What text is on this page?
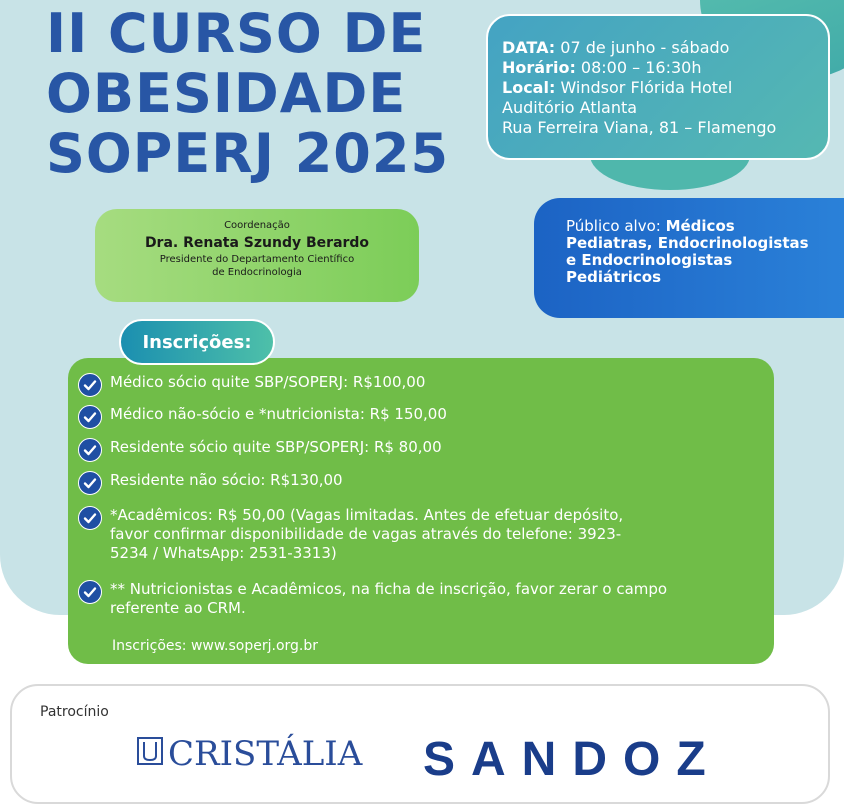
II CURSO DE
OBESIDADE
SOPERJ 2025
DATA: 07 de junho - sábado
Horário: 08:00 – 16:30h
Local: Windsor Flórida Hotel
Auditório Atlanta
Rua Ferreira Viana, 81 – Flamengo
Coordenação
Dra. Renata Szundy Berardo
Presidente do Departamento Científico
de Endocrinologia
Público alvo: Médicos
Pediatras, Endocrinologistas
e Endocrinologistas
Pediátricos
Inscrições:
Médico sócio quite SBP/SOPERJ: R$100,00
Médico não-sócio e *nutricionista: R$ 150,00
Residente sócio quite SBP/SOPERJ: R$ 80,00
Residente não sócio: R$130,00
*Acadêmicos: R$ 50,00 (Vagas limitadas. Antes de efetuar depósito, favor confirmar disponibilidade de vagas através do telefone: 3923-5234 / WhatsApp: 2531-3313)
** Nutricionistas e Acadêmicos, na ficha de inscrição, favor zerar o campo referente ao CRM.
Inscrições: www.soperj.org.br
Patrocínio
CRISTÁLIA SANDOZ
